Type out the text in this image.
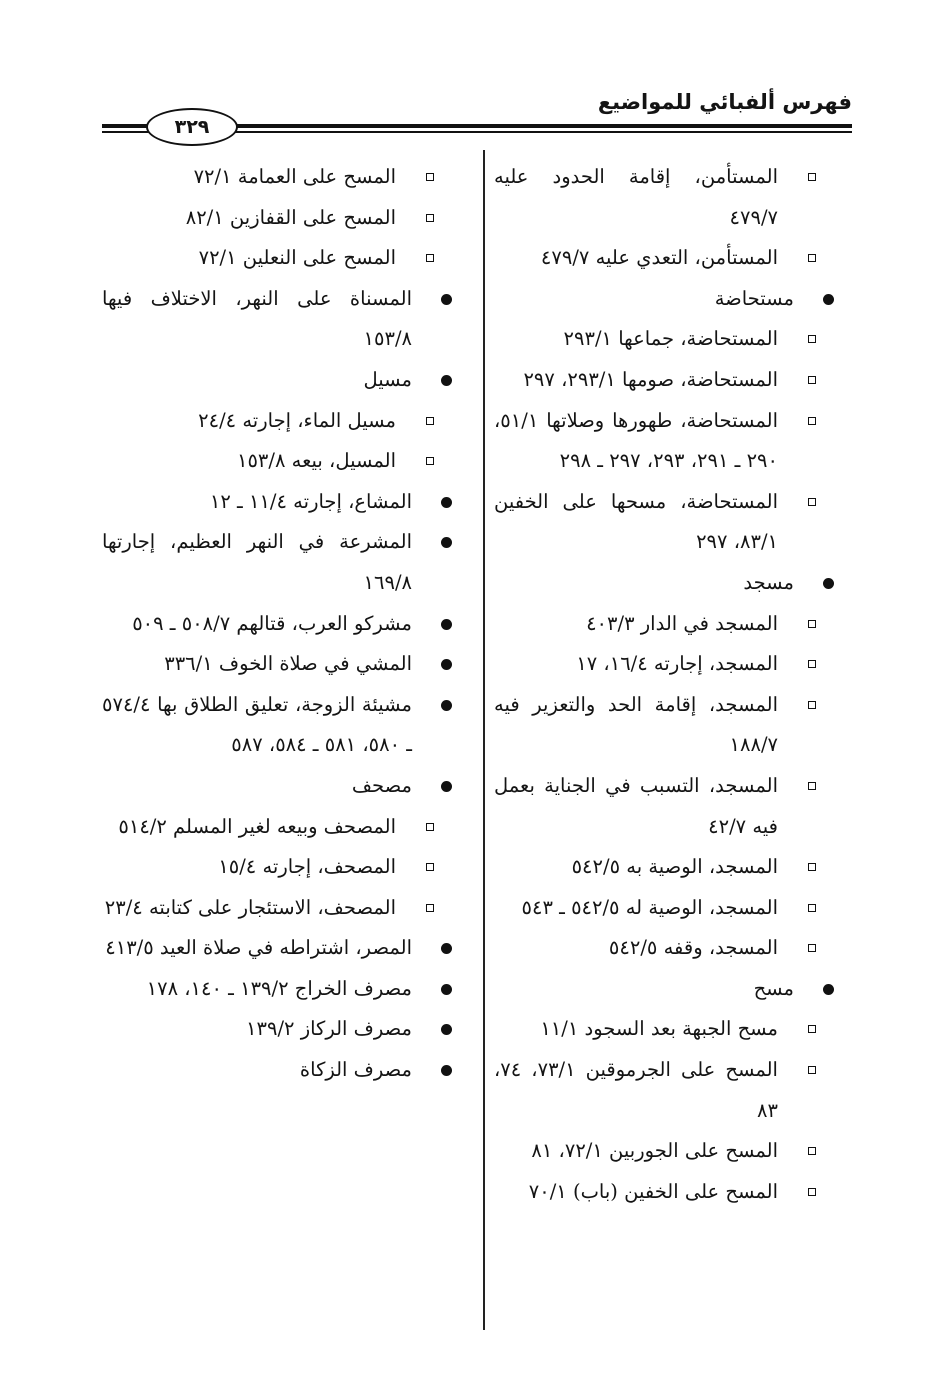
فهرس ألفبائي للمواضيع
٣٢٩
المستأمن، إقامة الحدود عليه ٤٧٩/٧
المستأمن، التعدي عليه ٤٧٩/٧
مستحاضة
المستحاضة، جماعها ٢٩٣/١
المستحاضة، صومها ٢٩٣/١، ٢٩٧
المستحاضة، طهورها وصلاتها ٥١/١، ٢٩٠ ـ ٢٩١، ٢٩٣، ٢٩٧ ـ ٢٩٨
المستحاضة، مسحها على الخفين ٨٣/١، ٢٩٧
مسجد
المسجد في الدار ٤٠٣/٣
المسجد، إجارته ١٦/٤، ١٧
المسجد، إقامة الحد والتعزير فيه ١٨٨/٧
المسجد، التسبب في الجناية بعمل فيه ٤٢/٧
المسجد، الوصية به ٥٤٢/٥
المسجد، الوصية له ٥٤٢/٥ ـ ٥٤٣
المسجد، وقفه ٥٤٢/٥
مسح
مسح الجبهة بعد السجود ١١/١
المسح على الجرموقين ٧٣/١، ٧٤، ٨٣
المسح على الجوربين ٧٢/١، ٨١
المسح على الخفين (باب) ٧٠/١
المسح على العمامة ٧٢/١
المسح على القفازين ٨٢/١
المسح على النعلين ٧٢/١
المسناة على النهر، الاختلاف فيها ١٥٣/٨
مسيل
مسيل الماء، إجارته ٢٤/٤
المسيل، بيعه ١٥٣/٨
المشاع، إجارته ١١/٤ ـ ١٢
المشرعة في النهر العظيم، إجارتها ١٦٩/٨
مشركو العرب، قتالهم ٥٠٨/٧ ـ ٥٠٩
المشي في صلاة الخوف ٣٣٦/١
مشيئة الزوجة، تعليق الطلاق بها ٥٧٤/٤ ـ ٥٨٠، ٥٨١ ـ ٥٨٤، ٥٨٧
مصحف
المصحف وبيعه لغير المسلم ٥١٤/٢
المصحف، إجارته ١٥/٤
المصحف، الاستئجار على كتابته ٢٣/٤
المصر، اشتراطه في صلاة العيد ٤١٣/٥
مصرف الخراج ١٣٩/٢ ـ ١٤٠، ١٧٨
مصرف الركاز ١٣٩/٢
مصرف الزكاة
